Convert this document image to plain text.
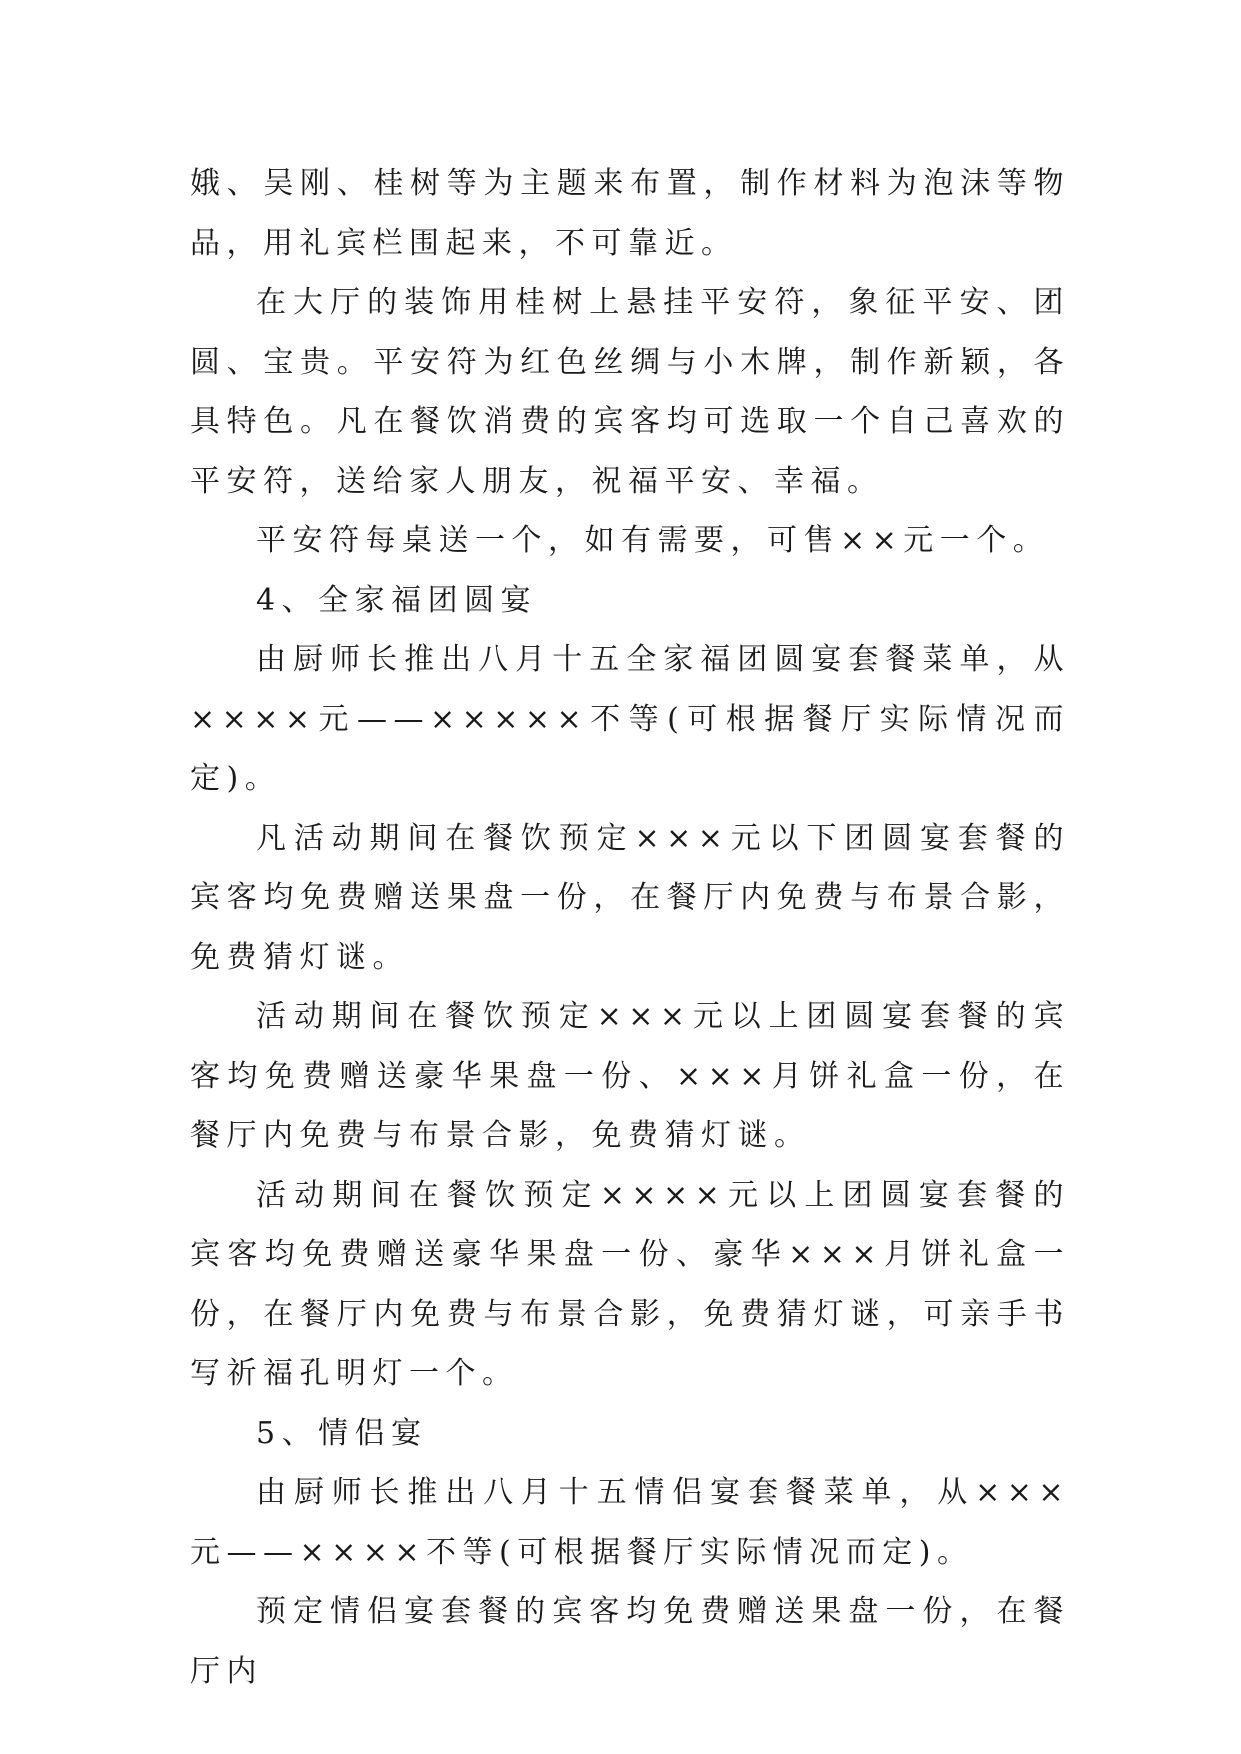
娥、吴刚、桂树等为主题来布置，制作材料为泡沫等物品，用礼宾栏围起来，不可靠近。

在大厅的装饰用桂树上悬挂平安符，象征平安、团圆、宝贵。平安符为红色丝绸与小木牌，制作新颖，各具特色。凡在餐饮消费的宾客均可选取一个自己喜欢的平安符，送给家人朋友，祝福平安、幸福。

平安符每桌送一个，如有需要，可售××元一个。

4、全家福团圆宴

由厨师长推出八月十五全家福团圆宴套餐菜单，从××××元——×××××不等(可根据餐厅实际情况而定)。

凡活动期间在餐饮预定×××元以下团圆宴套餐的宾客均免费赠送果盘一份，在餐厅内免费与布景合影，免费猜灯谜。

活动期间在餐饮预定×××元以上团圆宴套餐的宾客均免费赠送豪华果盘一份、×××月饼礼盒一份，在餐厅内免费与布景合影，免费猜灯谜。

活动期间在餐饮预定××××元以上团圆宴套餐的宾客均免费赠送豪华果盘一份、豪华×××月饼礼盒一份，在餐厅内免费与布景合影，免费猜灯谜，可亲手书写祈福孔明灯一个。

5、情侣宴

由厨师长推出八月十五情侣宴套餐菜单，从×××元——××××不等(可根据餐厅实际情况而定)。

预定情侣宴套餐的宾客均免费赠送果盘一份，在餐厅内
